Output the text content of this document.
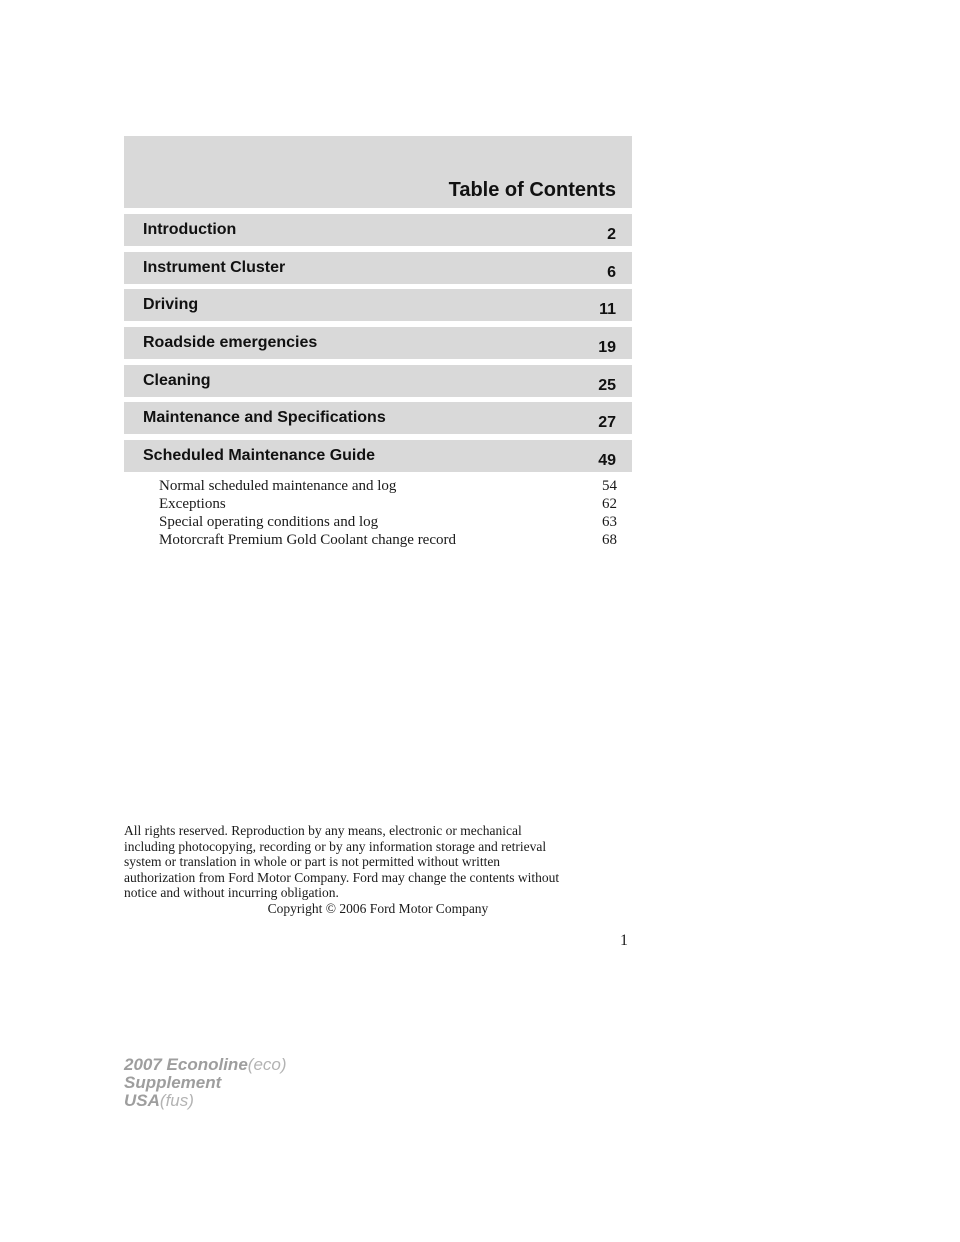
Table of Contents
Introduction	2
Instrument Cluster	6
Driving	11
Roadside emergencies	19
Cleaning	25
Maintenance and Specifications	27
Scheduled Maintenance Guide	49
Normal scheduled maintenance and log	54
Exceptions	62
Special operating conditions and log	63
Motorcraft Premium Gold Coolant change record	68

All rights reserved. Reproduction by any means, electronic or mechanical
including photocopying, recording or by any information storage and retrieval
system or translation in whole or part is not permitted without written
authorization from Ford Motor Company. Ford may change the contents without
notice and without incurring obligation.

Copyright © 2006 Ford Motor Company
1
2007 Econoline(eco)
Supplement
USA(fus)
